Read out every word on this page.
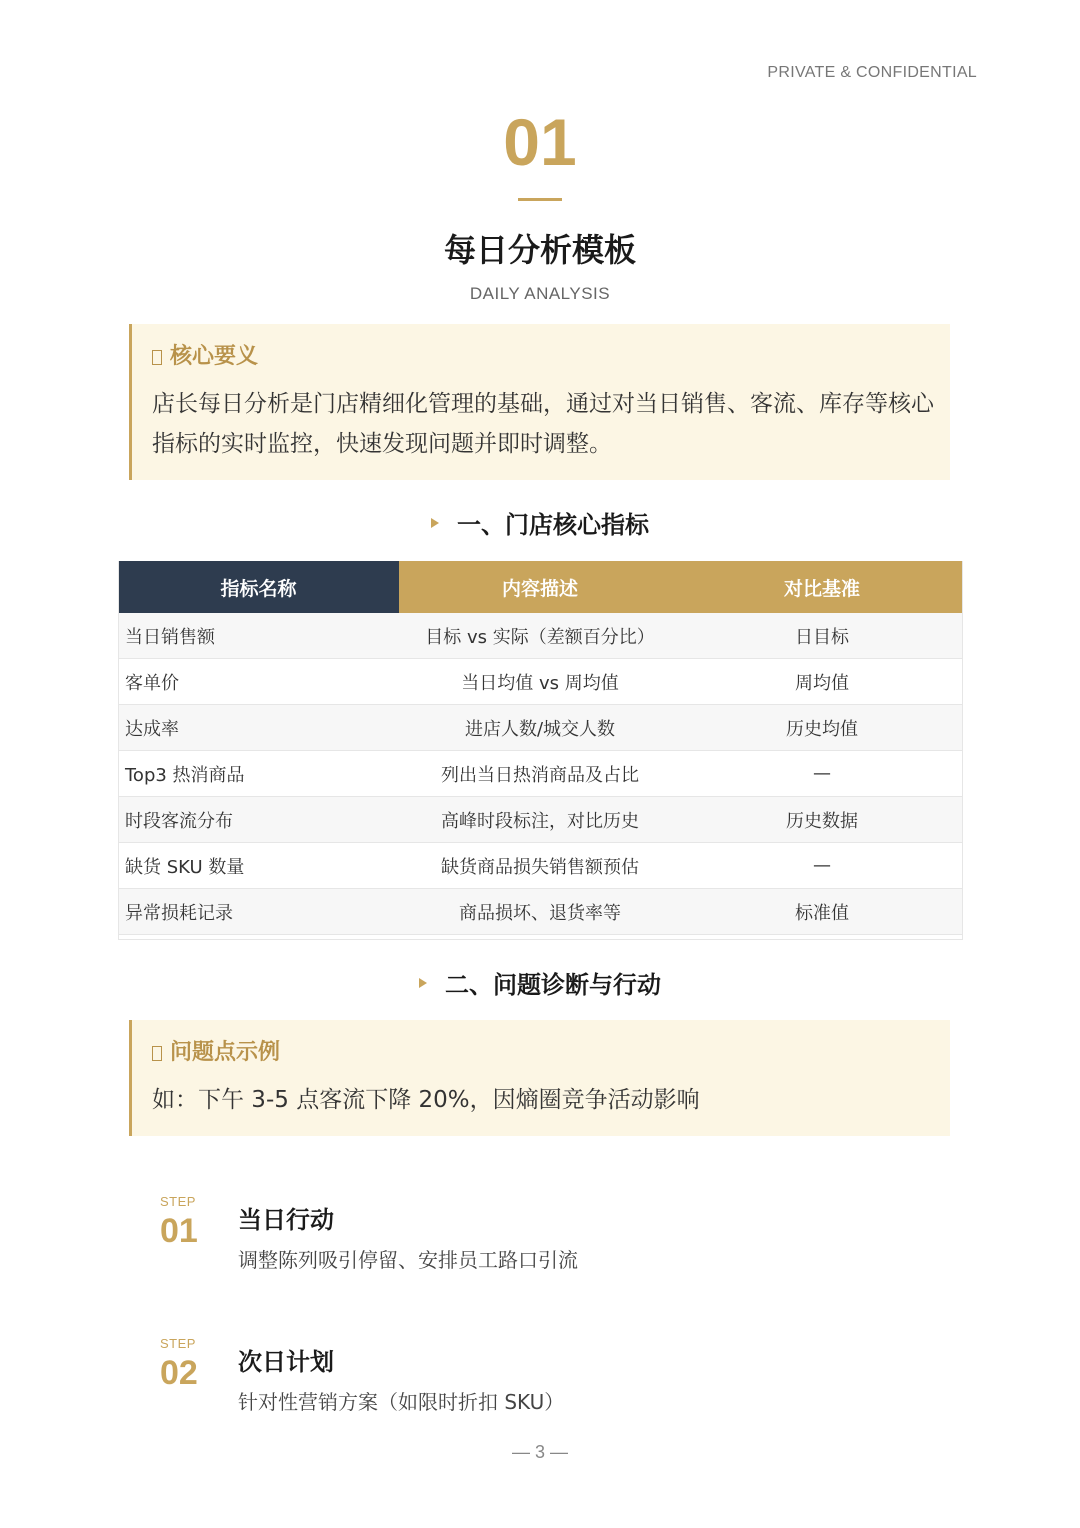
PRIVATE & CONFIDENTIAL
01
每日分析模板
DAILY ANALYSIS
核心要义
店长每日分析是门店精细化管理的基础，通过对当日销售、客流、库存等核心指标的实时监控，快速发现问题并即时调整。
一、门店核心指标
指标名称	内容描述	对比基准
当日销售额	目标 vs 实际（差额百分比）	日目标
客单价	当日均值 vs 周均值	周均值
达成率	进店人数/城交人数	历史均值
Top3 热消商品	列出当日热消商品及占比	—
时段客流分布	高峰时段标注，对比历史	历史数据
缺货 SKU 数量	缺货商品损失销售额预估	—
异常损耗记录	商品损坏、退货率等	标准值
二、问题诊断与行动
问题点示例
如：下午 3-5 点客流下降 20%，因熵圈竞争活动影响
STEP
01	当日行动
调整陈列吸引停留、安排员工路口引流
STEP
02	次日计划
针对性营销方案（如限时折扣 SKU）
— 3 —
